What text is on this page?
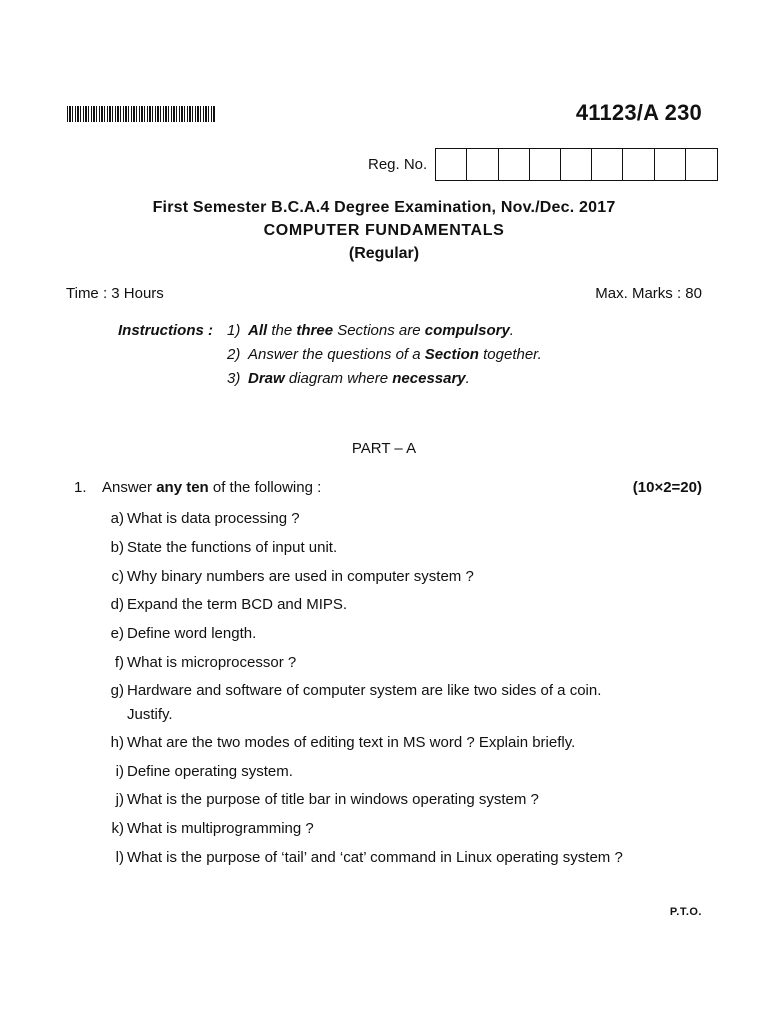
41123/A 230
Reg. No.
First Semester B.C.A.4 Degree Examination, Nov./Dec. 2017
COMPUTER FUNDAMENTALS
(Regular)
Time : 3 Hours	Max. Marks : 80
Instructions : 1) All the three Sections are compulsory.
2) Answer the questions of a Section together.
3) Draw diagram where necessary.
PART – A
1. Answer any ten of the following :	(10×2=20)
a) What is data processing ?
b) State the functions of input unit.
c) Why binary numbers are used in computer system ?
d) Expand the term BCD and MIPS.
e) Define word length.
f) What is microprocessor ?
g) Hardware and software of computer system are like two sides of a coin.
Justify.
h) What are the two modes of editing text in MS word ? Explain briefly.
i) Define operating system.
j) What is the purpose of title bar in windows operating system ?
k) What is multiprogramming ?
l) What is the purpose of ‘tail’ and ‘cat’ command in Linux operating system ?
P.T.O.
